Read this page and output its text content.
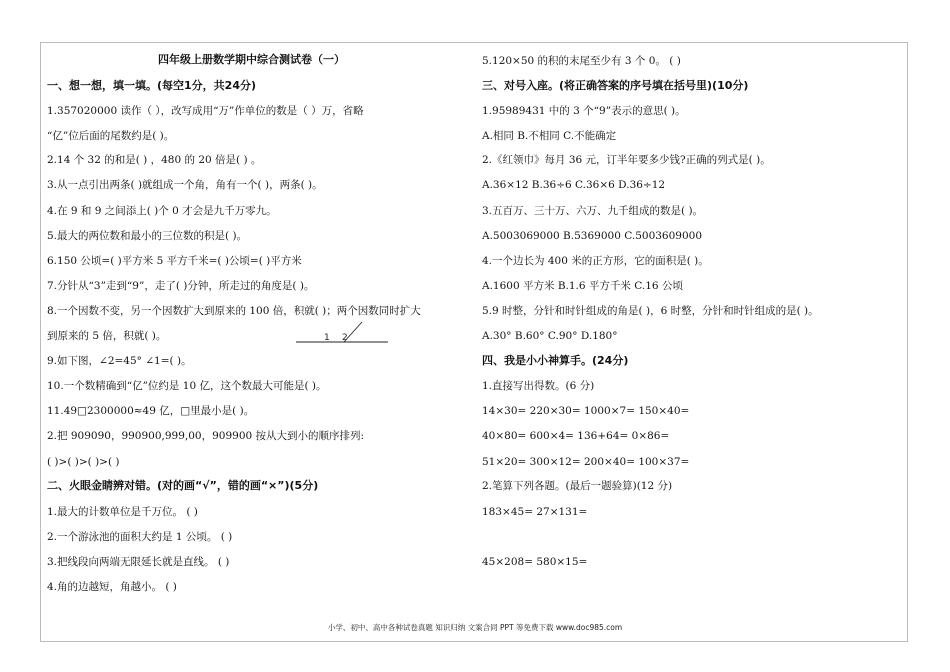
四年级上册数学期中综合测试卷（一）
一、想一想，填一填。(每空1分，共24分)
1.357020000 读作（ ），改写成用“万”作单位的数是（ ）万，省略
“亿”位后面的尾数约是( )。
2.14 个 32 的和是( ) ，480 的 20 倍是( ) 。
3.从一点引出两条( )就组成一个角，角有一个( )，两条( )。
4.在 9 和 9 之间添上( )个 0 才会是九千万零九。
5.最大的两位数和最小的三位数的积是( )。
6.150 公顷=( )平方米 5 平方千米=( )公顷=( )平方米
7.分针从“3”走到“9”，走了( )分钟，所走过的角度是( )。
8.一个因数不变，另一个因数扩大到原来的 100 倍，积就( )；两个因数同时扩大
到原来的 5 倍，积就( )。
9.如下图，∠2=45° ∠1=( )。
10.一个数精确到“亿”位约是 10 亿，这个数最大可能是( )。
11.49□2300000≈49 亿，□里最小是( )。
2.把 909090，990900,999,00，909900 按从大到小的顺序排列:
( )>( )>( )>( )
二、火眼金睛辨对错。(对的画“√”，错的画“×”)(5分)
1.最大的计数单位是千万位。 ( )
2.一个游泳池的面积大约是 1 公顷。 ( )
3.把线段向两端无限延长就是直线。 ( )
4.角的边越短，角越小。 ( )
1 2
5.120×50 的积的末尾至少有 3 个 0。 ( )
三、对号入座。(将正确答案的序号填在括号里)(10分)
1.95989431 中的 3 个“9”表示的意思( )。
A.相同 B.不相同 C.不能确定
2.《红领巾》每月 36 元，订半年要多少钱?正确的列式是( )。
A.36×12 B.36÷6 C.36×6 D.36÷12
3.五百万、三十万、六万、九千组成的数是( )。
A.5003069000 B.5369000 C.5003609000
4.一个边长为 400 米的正方形，它的面积是( )。
A.1600 平方米 B.1.6 平方千米 C.16 公顷
5.9 时整，分针和时针组成的角是( )，6 时整，分针和时针组成的是( )。
A.30° B.60° C.90° D.180°
四、我是小小神算手。(24分)
1.直接写出得数。(6 分)
14×30= 220×30= 1000×7= 150×40=
40×80= 600×4= 136+64= 0×86=
51×20= 300×12= 200×40= 100×37=
2.笔算下列各题。(最后一题验算)(12 分)
183×45= 27×131=
45×208= 580×15=
小学、初中、高中各种试卷真题 知识归纳 文案合同 PPT 等免费下载 www.doc985.com
